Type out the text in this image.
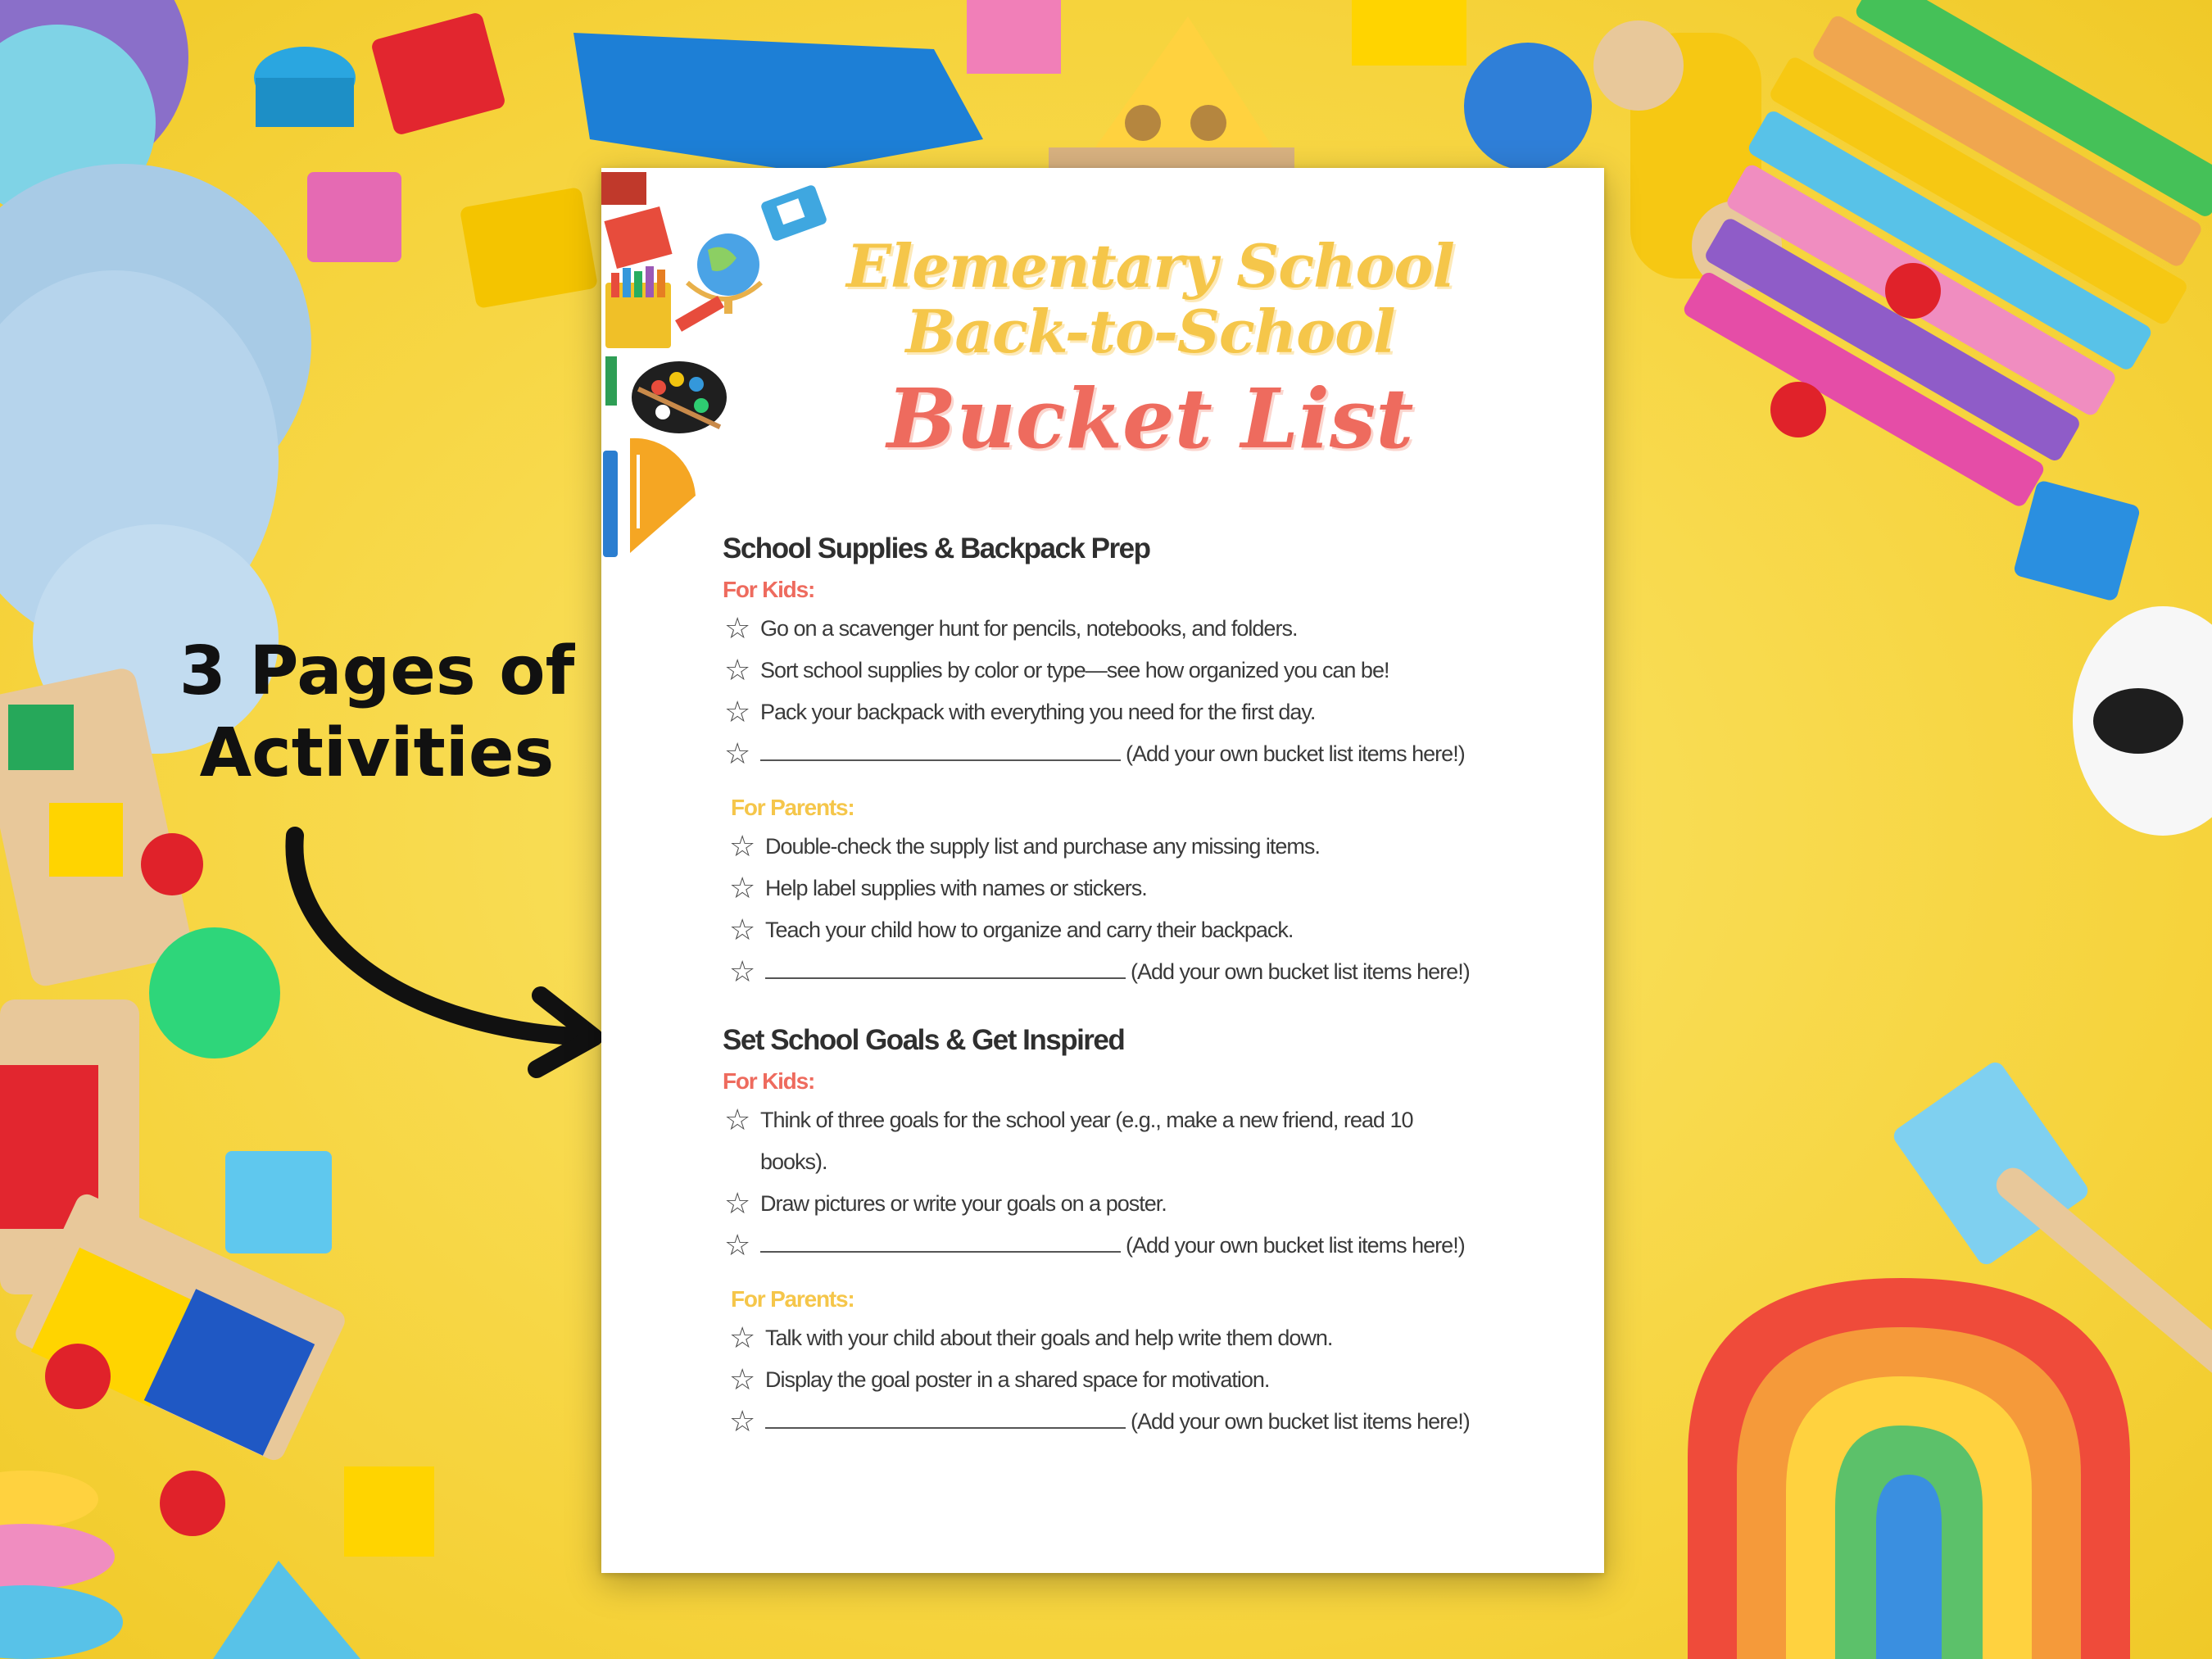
3 Pages of
Activities
Elementary School
Back-to-School
Bucket List
School Supplies & Backpack Prep
For Kids:
☆ Go on a scavenger hunt for pencils, notebooks, and folders.
☆ Sort school supplies by color or type—see how organized you can be!
☆ Pack your backpack with everything you need for the first day.
☆	(Add your own bucket list items here!)
For Parents:
☆ Double-check the supply list and purchase any missing items.
☆ Help label supplies with names or stickers.
☆ Teach your child how to organize and carry their backpack.
☆	(Add your own bucket list items here!)
Set School Goals & Get Inspired
For Kids:
☆ Think of three goals for the school year (e.g., make a new friend, read 10 books).
☆ Draw pictures or write your goals on a poster.
☆	(Add your own bucket list items here!)
For Parents:
☆ Talk with your child about their goals and help write them down.
☆ Display the goal poster in a shared space for motivation.
☆	(Add your own bucket list items here!)
